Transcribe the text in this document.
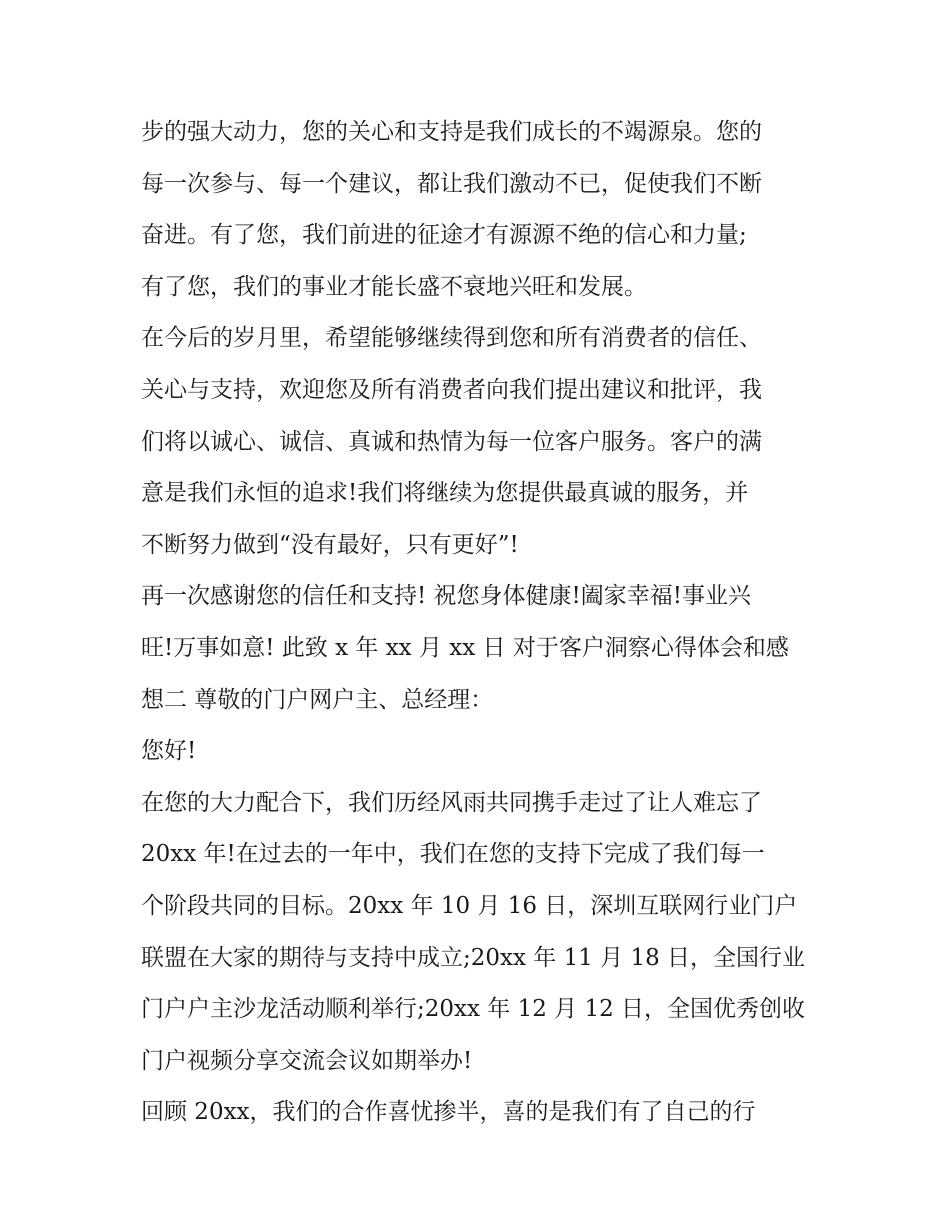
步的强大动力，您的关心和支持是我们成长的不竭源泉。您的
每一次参与、每一个建议，都让我们激动不已，促使我们不断
奋进。有了您，我们前进的征途才有源源不绝的信心和力量;
有了您，我们的事业才能长盛不衰地兴旺和发展。
在今后的岁月里，希望能够继续得到您和所有消费者的信任、
关心与支持，欢迎您及所有消费者向我们提出建议和批评，我
们将以诚心、诚信、真诚和热情为每一位客户服务。客户的满
意是我们永恒的追求!我们将继续为您提供最真诚的服务，并
不断努力做到“没有最好，只有更好”!
再一次感谢您的信任和支持! 祝您身体健康!阖家幸福!事业兴
旺!万事如意! 此致 x 年 xx 月 xx 日 对于客户洞察心得体会和感
想二 尊敬的门户网户主、总经理：
您好!
在您的大力配合下，我们历经风雨共同携手走过了让人难忘了
20xx 年!在过去的一年中，我们在您的支持下完成了我们每一
个阶段共同的目标。20xx 年 10 月 16 日，深圳互联网行业门户
联盟在大家的期待与支持中成立;20xx 年 11 月 18 日，全国行业
门户户主沙龙活动顺利举行;20xx 年 12 月 12 日，全国优秀创收
门户视频分享交流会议如期举办!
回顾 20xx，我们的合作喜忧掺半，喜的是我们有了自己的行
